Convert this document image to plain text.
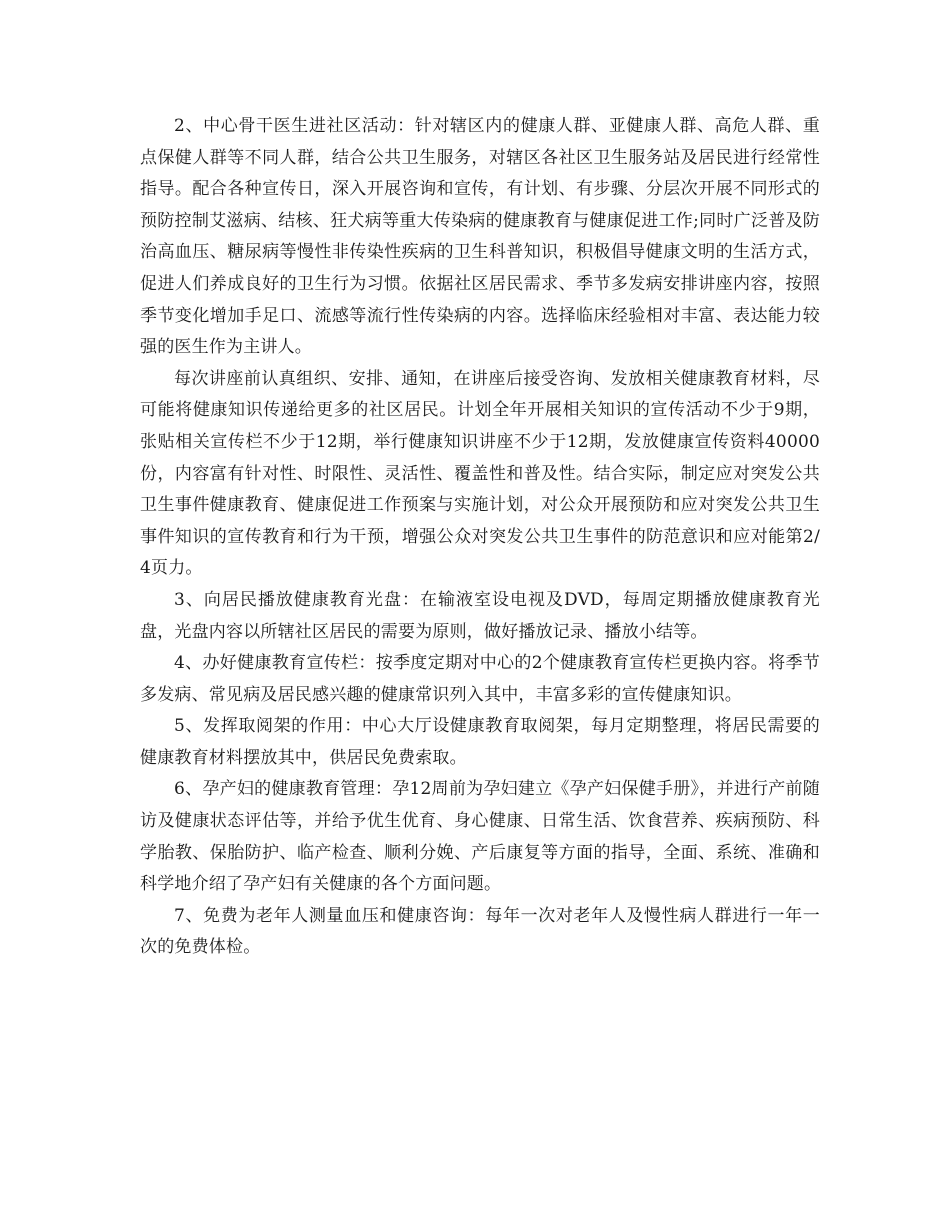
2、中心骨干医生进社区活动：针对辖区内的健康人群、亚健康人群、高危人群、重点保健人群等不同人群，结合公共卫生服务，对辖区各社区卫生服务站及居民进行经常性指导。配合各种宣传日，深入开展咨询和宣传，有计划、有步骤、分层次开展不同形式的预防控制艾滋病、结核、狂犬病等重大传染病的健康教育与健康促进工作;同时广泛普及防治高血压、糖尿病等慢性非传染性疾病的卫生科普知识，积极倡导健康文明的生活方式，促进人们养成良好的卫生行为习惯。依据社区居民需求、季节多发病安排讲座内容，按照季节变化增加手足口、流感等流行性传染病的内容。选择临床经验相对丰富、表达能力较强的医生作为主讲人。

每次讲座前认真组织、安排、通知，在讲座后接受咨询、发放相关健康教育材料，尽可能将健康知识传递给更多的社区居民。计划全年开展相关知识的宣传活动不少于9期，张贴相关宣传栏不少于12期，举行健康知识讲座不少于12期，发放健康宣传资料40000份，内容富有针对性、时限性、灵活性、覆盖性和普及性。结合实际，制定应对突发公共卫生事件健康教育、健康促进工作预案与实施计划，对公众开展预防和应对突发公共卫生事件知识的宣传教育和行为干预，增强公众对突发公共卫生事件的防范意识和应对能第2/4页力。

3、向居民播放健康教育光盘：在输液室设电视及DVD，每周定期播放健康教育光盘，光盘内容以所辖社区居民的需要为原则，做好播放记录、播放小结等。

4、办好健康教育宣传栏：按季度定期对中心的2个健康教育宣传栏更换内容。将季节多发病、常见病及居民感兴趣的健康常识列入其中，丰富多彩的宣传健康知识。

5、发挥取阅架的作用：中心大厅设健康教育取阅架，每月定期整理，将居民需要的健康教育材料摆放其中，供居民免费索取。

6、孕产妇的健康教育管理：孕12周前为孕妇建立《孕产妇保健手册》，并进行产前随访及健康状态评估等，并给予优生优育、身心健康、日常生活、饮食营养、疾病预防、科学胎教、保胎防护、临产检查、顺利分娩、产后康复等方面的指导，全面、系统、准确和科学地介绍了孕产妇有关健康的各个方面问题。

7、免费为老年人测量血压和健康咨询：每年一次对老年人及慢性病人群进行一年一次的免费体检。
